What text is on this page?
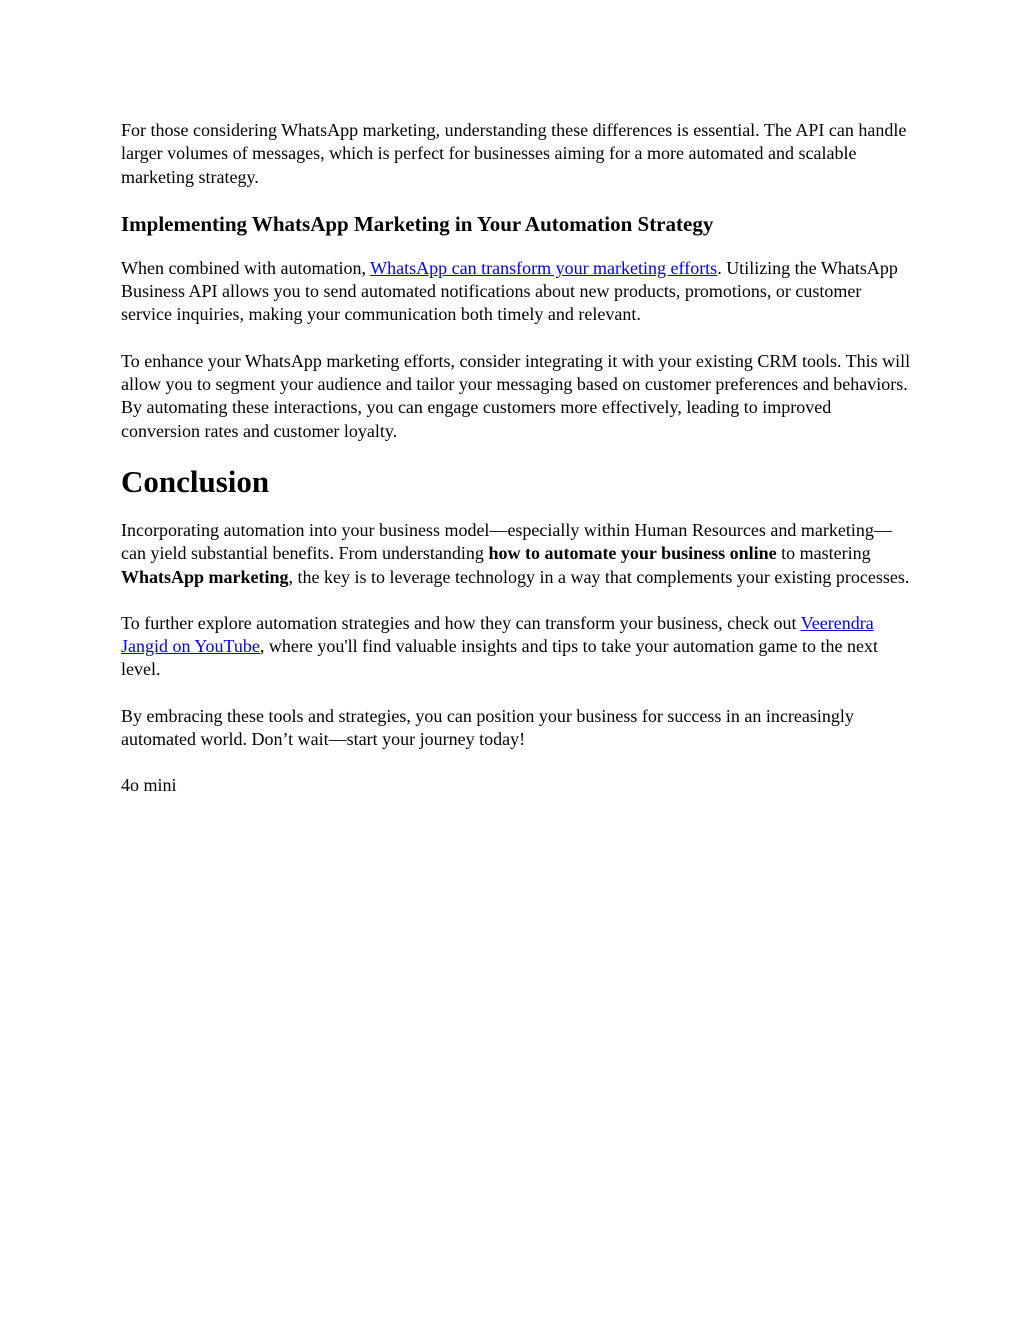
For those considering WhatsApp marketing, understanding these differences is essential. The API can handle larger volumes of messages, which is perfect for businesses aiming for a more automated and scalable marketing strategy.

Implementing WhatsApp Marketing in Your Automation Strategy

When combined with automation, WhatsApp can transform your marketing efforts. Utilizing the WhatsApp Business API allows you to send automated notifications about new products, promotions, or customer service inquiries, making your communication both timely and relevant.

To enhance your WhatsApp marketing efforts, consider integrating it with your existing CRM tools. This will allow you to segment your audience and tailor your messaging based on customer preferences and behaviors. By automating these interactions, you can engage customers more effectively, leading to improved conversion rates and customer loyalty.

Conclusion

Incorporating automation into your business model—especially within Human Resources and marketing—can yield substantial benefits. From understanding how to automate your business online to mastering WhatsApp marketing, the key is to leverage technology in a way that complements your existing processes.

To further explore automation strategies and how they can transform your business, check out Veerendra Jangid on YouTube, where you'll find valuable insights and tips to take your automation game to the next level.

By embracing these tools and strategies, you can position your business for success in an increasingly automated world. Don’t wait—start your journey today!

4o mini
